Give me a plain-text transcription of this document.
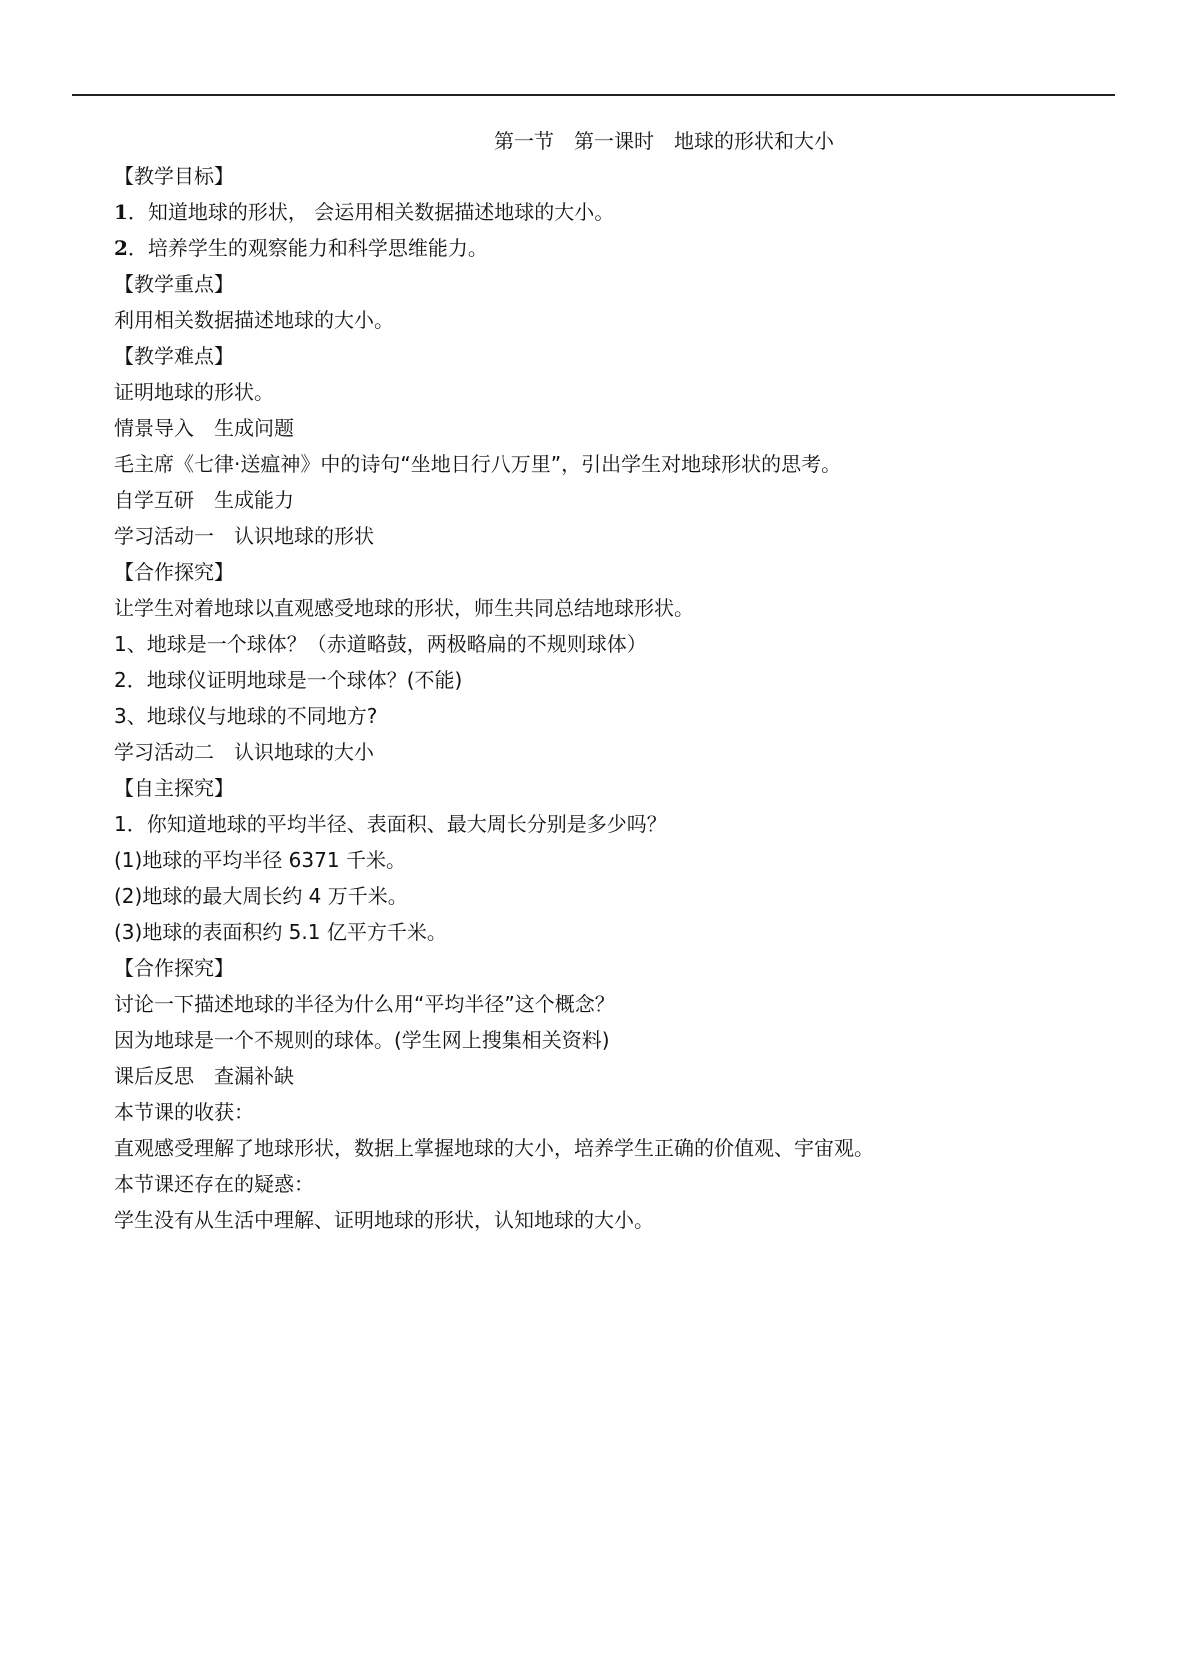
第一节　第一课时 地球的形状和大小
【教学目标】
1．知道地球的形状， 会运用相关数据描述地球的大小。
2．培养学生的观察能力和科学思维能力。
【教学重点】
利用相关数据描述地球的大小。
【教学难点】
证明地球的形状。
情景导入　生成问题
毛主席《七律·送瘟神》中的诗句“坐地日行八万里”，引出学生对地球形状的思考。
自学互研　生成能力
学习活动一　认识地球的形状
【合作探究】
让学生对着地球以直观感受地球的形状，师生共同总结地球形状。
1、地球是一个球体？（赤道略鼓，两极略扁的不规则球体）
2．地球仪证明地球是一个球体？(不能)
3、地球仪与地球的不同地方?
学习活动二　认识地球的大小
【自主探究】
1．你知道地球的平均半径、表面积、最大周长分别是多少吗？
(1)地球的平均半径 6371 千米。
(2)地球的最大周长约 4 万千米。
(3)地球的表面积约 5.1 亿平方千米。
【合作探究】
讨论一下描述地球的半径为什么用“平均半径”这个概念？
因为地球是一个不规则的球体。(学生网上搜集相关资料)
课后反思　查漏补缺
本节课的收获：
直观感受理解了地球形状，数据上掌握地球的大小，培养学生正确的价值观、宇宙观。
本节课还存在的疑惑：
学生没有从生活中理解、证明地球的形状，认知地球的大小。
